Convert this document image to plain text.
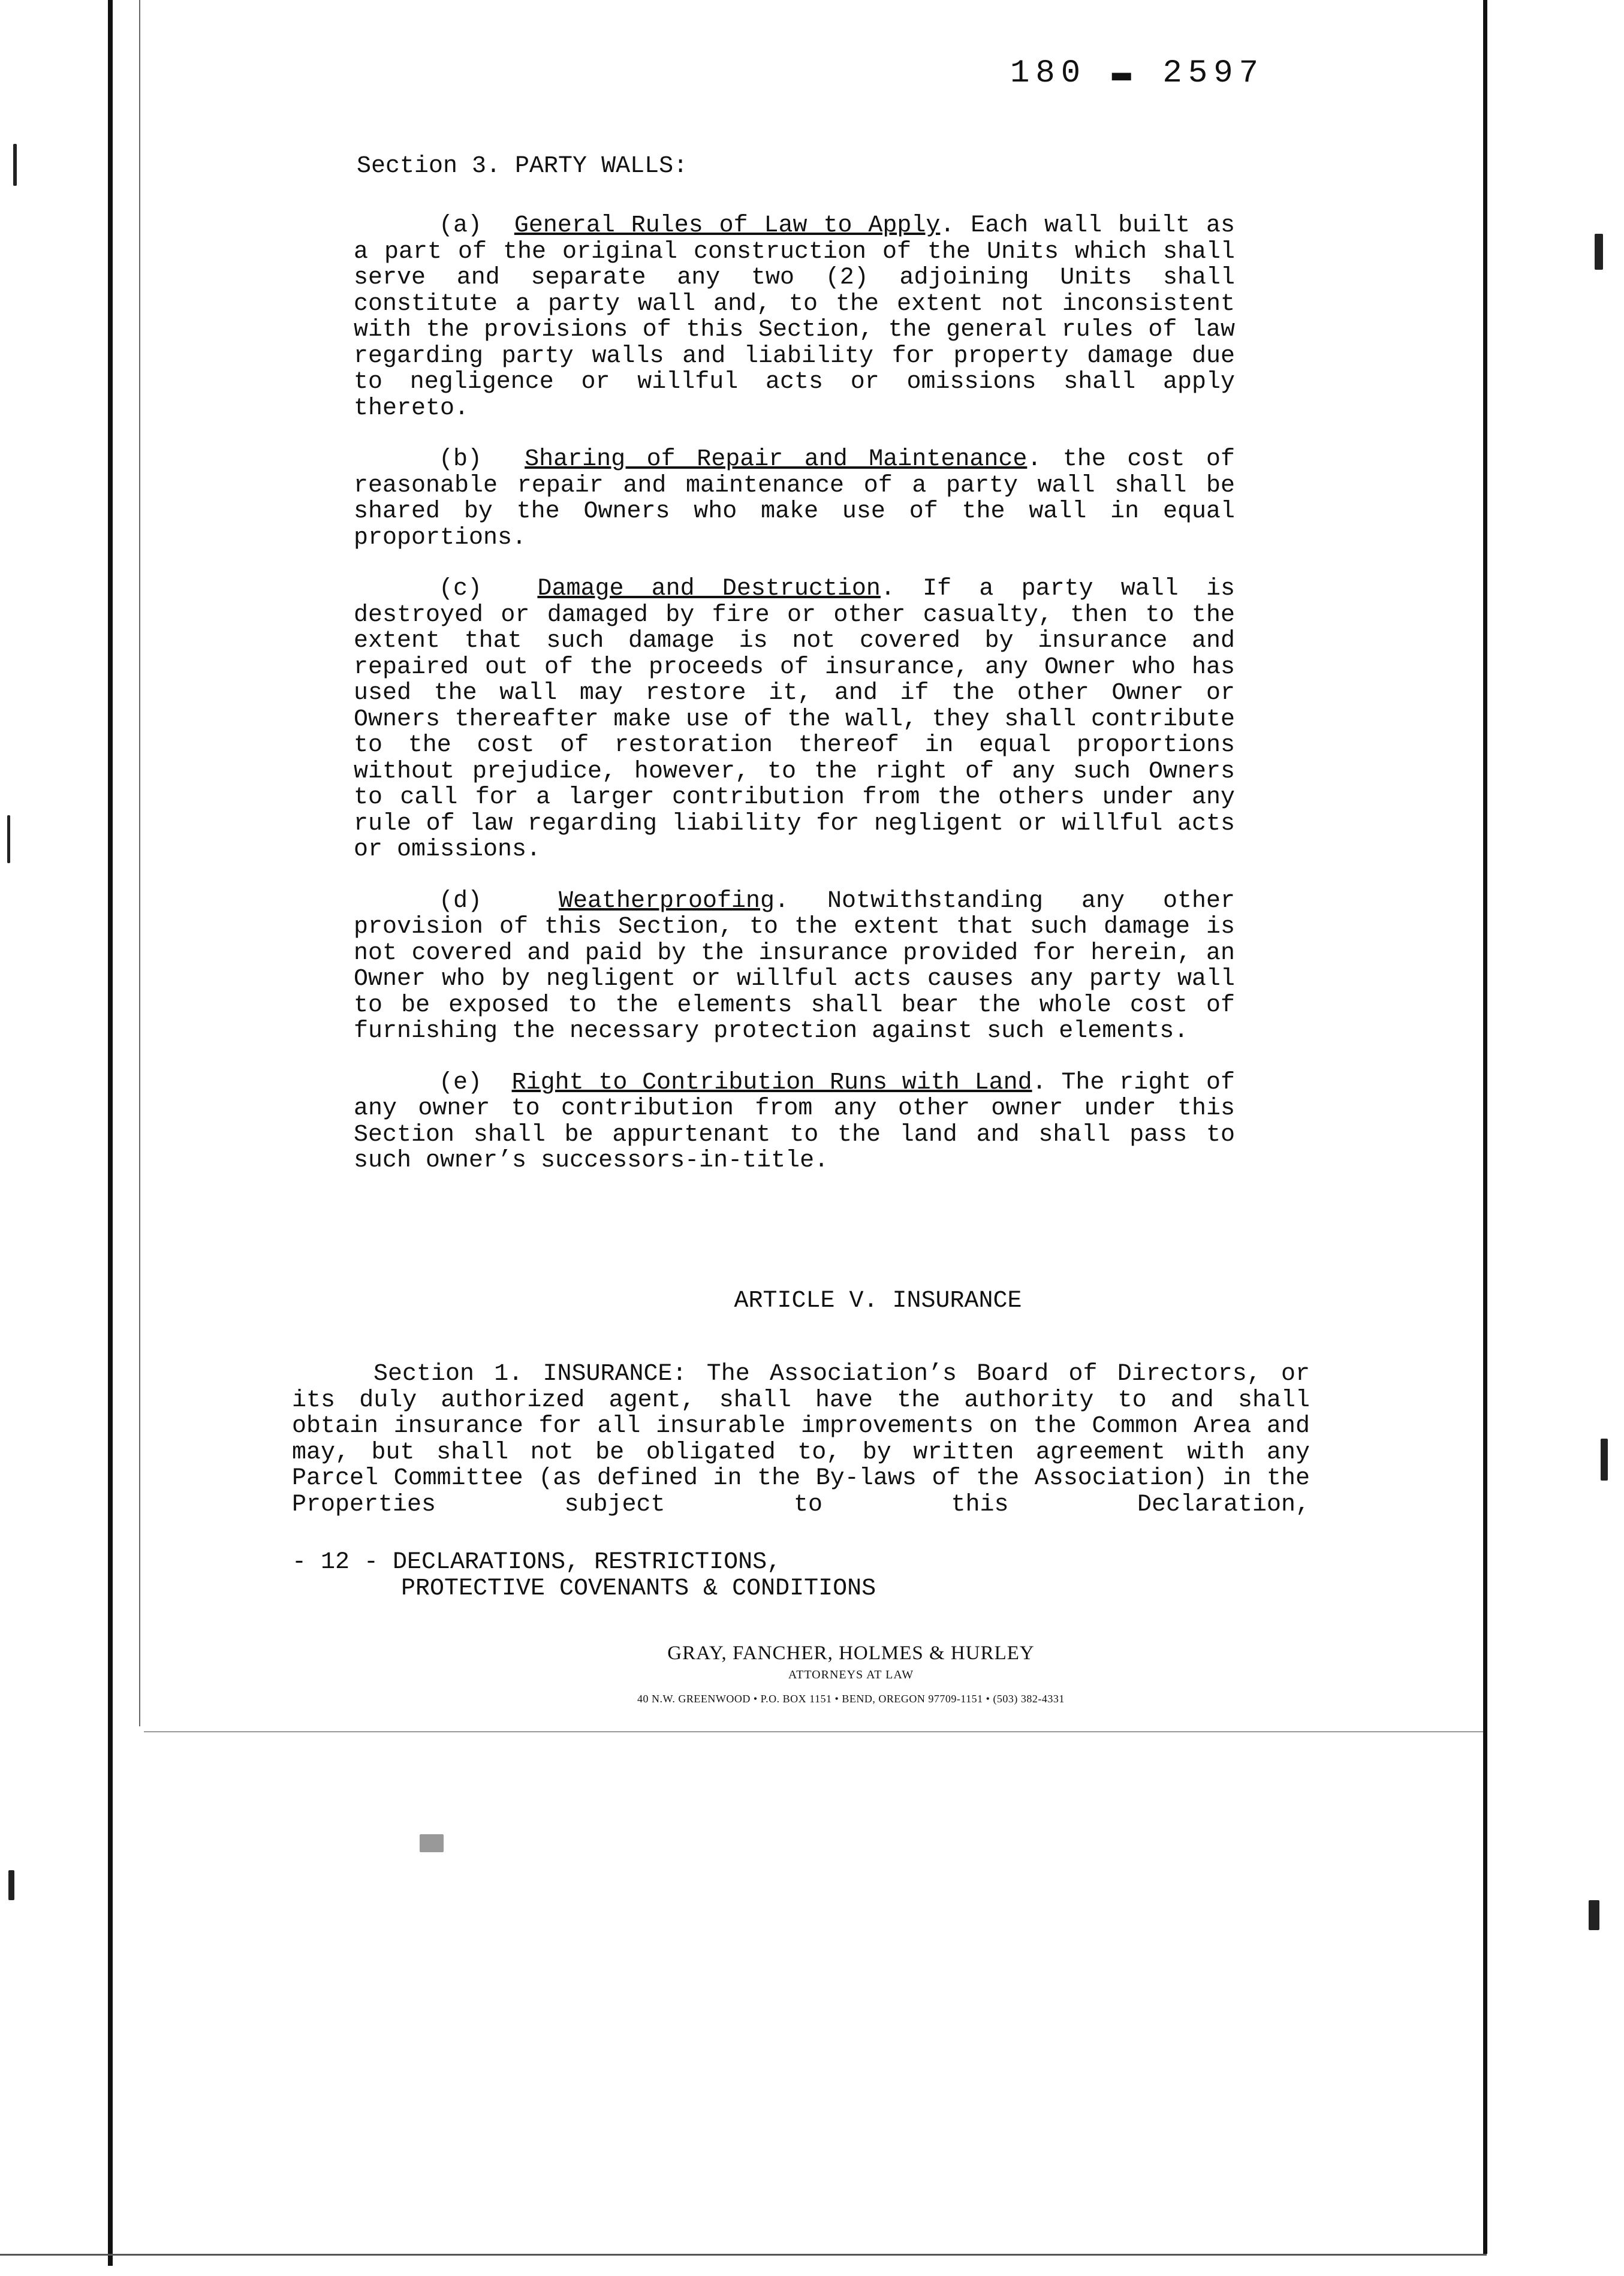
180 ▬ 2597
Section 3. PARTY WALLS:

(a) General Rules of Law to Apply. Each wall built as a part of the original construction of the Units which shall serve and separate any two (2) adjoining Units shall constitute a party wall and, to the extent not inconsistent with the provisions of this Section, the general rules of law regarding party walls and liability for property damage due to negligence or willful acts or omissions shall apply thereto.

(b) Sharing of Repair and Maintenance. the cost of reasonable repair and maintenance of a party wall shall be shared by the Owners who make use of the wall in equal proportions.

(c) Damage and Destruction. If a party wall is destroyed or damaged by fire or other casualty, then to the extent that such damage is not covered by insurance and repaired out of the proceeds of insurance, any Owner who has used the wall may restore it, and if the other Owner or Owners thereafter make use of the wall, they shall contribute to the cost of restoration thereof in equal proportions without prejudice, however, to the right of any such Owners to call for a larger contribution from the others under any rule of law regarding liability for negligent or willful acts or omissions.

(d)	Weatherproofing. Notwithstanding any other provision of this Section, to the extent that such damage is not covered and paid by the insurance provided for herein, an Owner who by negligent or willful acts causes any party wall to be exposed to the elements shall bear the whole cost of furnishing the necessary protection against such elements.

(e) Right to Contribution Runs with Land. The right of any owner to contribution from any other owner under this Section shall be appurtenant to the land and shall pass to such owner’s successors-in-title.

ARTICLE V. INSURANCE

Section 1. INSURANCE: The Association’s Board of Directors, or its duly authorized agent, shall have the authority to and shall obtain insurance for all insurable improvements on the Common Area and may, but shall not be obligated to, by written agreement with any Parcel Committee (as defined in the By-laws of the Association) in the Properties subject to this Declaration,

- 12 - DECLARATIONS, RESTRICTIONS,
PROTECTIVE COVENANTS & CONDITIONS
GRAY, FANCHER, HOLMES & HURLEY
ATTORNEYS AT LAW
40 N.W. GREENWOOD • P.O. BOX 1151 • BEND, OREGON 97709-1151 • (503) 382-4331
